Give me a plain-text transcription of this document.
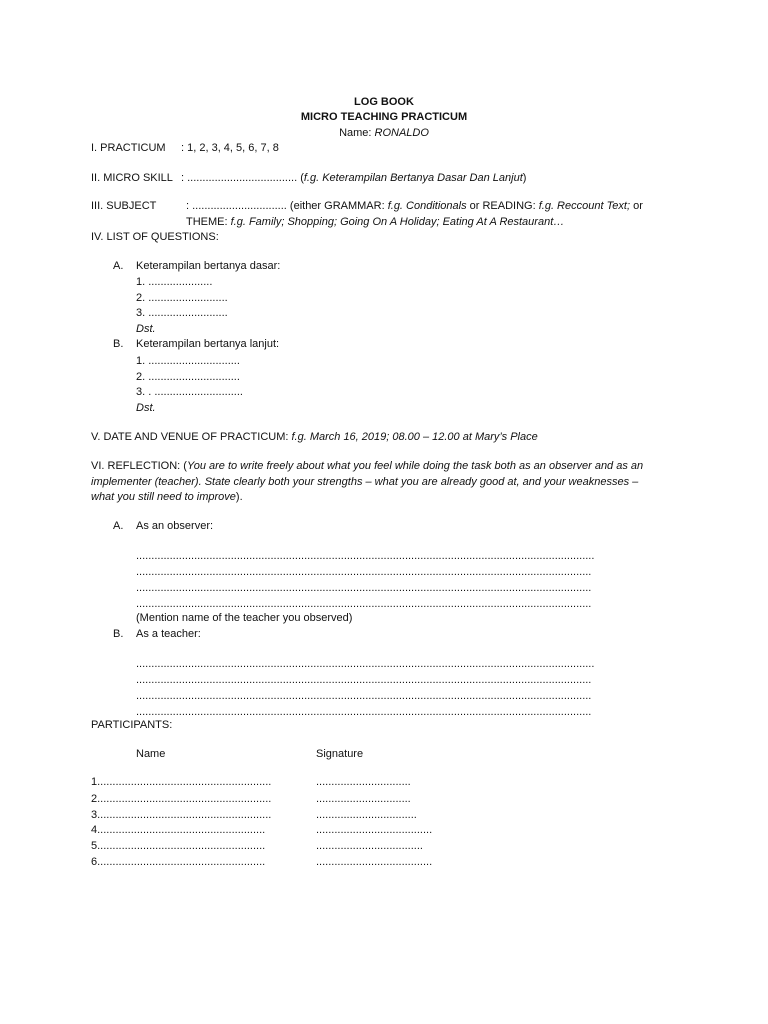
LOG BOOK
MICRO TEACHING PRACTICUM
Name: RONALDO
I. PRACTICUM : 1, 2, 3, 4, 5, 6, 7, 8
II. MICRO SKILL : .................................... (f.g. Keterampilan Bertanya Dasar Dan Lanjut)
III. SUBJECT	: ............................... (either GRAMMAR: f.g. Conditionals or READING: f.g. Reccount Text; or
THEME: f.g. Family; Shopping; Going On A Holiday; Eating At A Restaurant…
IV. LIST OF QUESTIONS:
A. Keterampilan bertanya dasar:
1. .....................
2. ..........................
3. ..........................
Dst.
B. Keterampilan bertanya lanjut:
1. ..............................
2. ..............................
3. . .............................
Dst.
V. DATE AND VENUE OF PRACTICUM: f.g. March 16, 2019; 08.00 – 12.00 at Mary’s Place
VI. REFLECTION: (You are to write freely about what you feel while doing the task both as an observer and as an
implementer (teacher). State clearly both your strengths – what you are already good at, and your weaknesses –
what you still need to improve).
A. As an observer:
......................................................................................................................................................
.....................................................................................................................................................
.....................................................................................................................................................
.....................................................................................................................................................
(Mention name of the teacher you observed)
B. As a teacher:
......................................................................................................................................................
.....................................................................................................................................................
.....................................................................................................................................................
.....................................................................................................................................................
PARTICIPANTS:
Name	Signature
1.........................................................	...............................
2.........................................................	...............................
3.........................................................	.................................
4.......................................................	......................................
5.......................................................	...................................
6.......................................................	......................................
